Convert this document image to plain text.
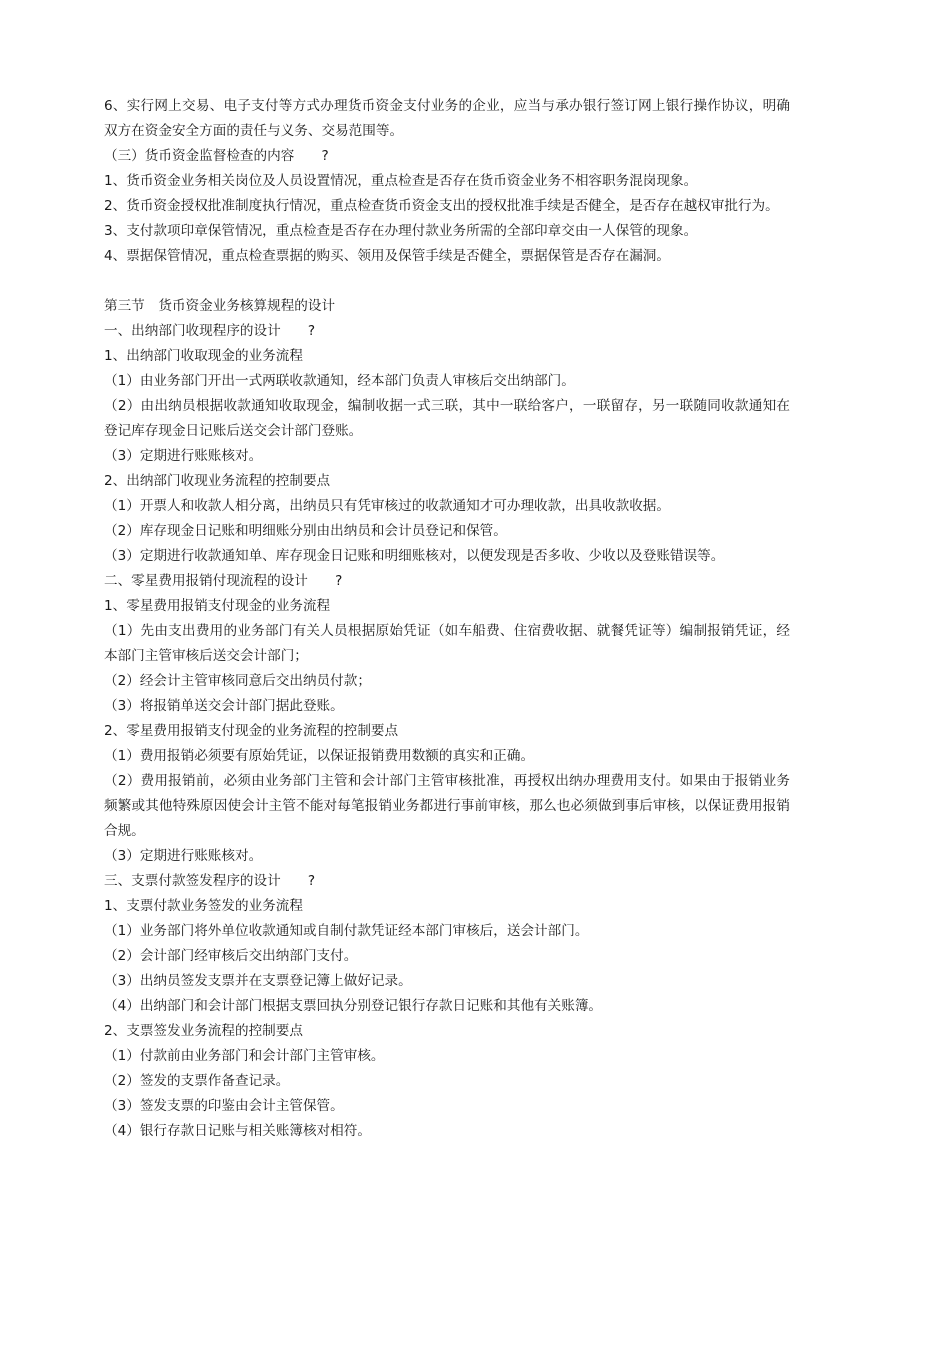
6、实行网上交易、电子支付等方式办理货币资金支付业务的企业，应当与承办银行签订网上银行操作协议，明确双方在资金安全方面的责任与义务、交易范围等。

（三）货币资金监督检查的内容　　?

1、货币资金业务相关岗位及人员设置情况，重点检查是否存在货币资金业务不相容职务混岗现象。

2、货币资金授权批准制度执行情况，重点检查货币资金支出的授权批准手续是否健全，是否存在越权审批行为。

3、支付款项印章保管情况，重点检查是否存在办理付款业务所需的全部印章交由一人保管的现象。

4、票据保管情况，重点检查票据的购买、领用及保管手续是否健全，票据保管是否存在漏洞。

第三节　货币资金业务核算规程的设计

一、出纳部门收现程序的设计　　?

1、出纳部门收取现金的业务流程

（1）由业务部门开出一式两联收款通知，经本部门负责人审核后交出纳部门。

（2）由出纳员根据收款通知收取现金，编制收据一式三联，其中一联给客户，一联留存，另一联随同收款通知在登记库存现金日记账后送交会计部门登账。

（3）定期进行账账核对。

2、出纳部门收现业务流程的控制要点

（1）开票人和收款人相分离，出纳员只有凭审核过的收款通知才可办理收款，出具收款收据。

（2）库存现金日记账和明细账分别由出纳员和会计员登记和保管。

（3）定期进行收款通知单、库存现金日记账和明细账核对，以便发现是否多收、少收以及登账错误等。

二、零星费用报销付现流程的设计　　?

1、零星费用报销支付现金的业务流程

（1）先由支出费用的业务部门有关人员根据原始凭证（如车船费、住宿费收据、就餐凭证等）编制报销凭证，经本部门主管审核后送交会计部门；

（2）经会计主管审核同意后交出纳员付款；

（3）将报销单送交会计部门据此登账。

2、零星费用报销支付现金的业务流程的控制要点

（1）费用报销必须要有原始凭证，以保证报销费用数额的真实和正确。

（2）费用报销前，必须由业务部门主管和会计部门主管审核批准，再授权出纳办理费用支付。如果由于报销业务频繁或其他特殊原因使会计主管不能对每笔报销业务都进行事前审核，那么也必须做到事后审核，以保证费用报销合规。

（3）定期进行账账核对。

三、支票付款签发程序的设计　　?

1、支票付款业务签发的业务流程

（1）业务部门将外单位收款通知或自制付款凭证经本部门审核后，送会计部门。

（2）会计部门经审核后交出纳部门支付。

（3）出纳员签发支票并在支票登记簿上做好记录。

（4）出纳部门和会计部门根据支票回执分别登记银行存款日记账和其他有关账簿。

2、支票签发业务流程的控制要点

（1）付款前由业务部门和会计部门主管审核。

（2）签发的支票作备查记录。

（3）签发支票的印鉴由会计主管保管。

（4）银行存款日记账与相关账簿核对相符。
